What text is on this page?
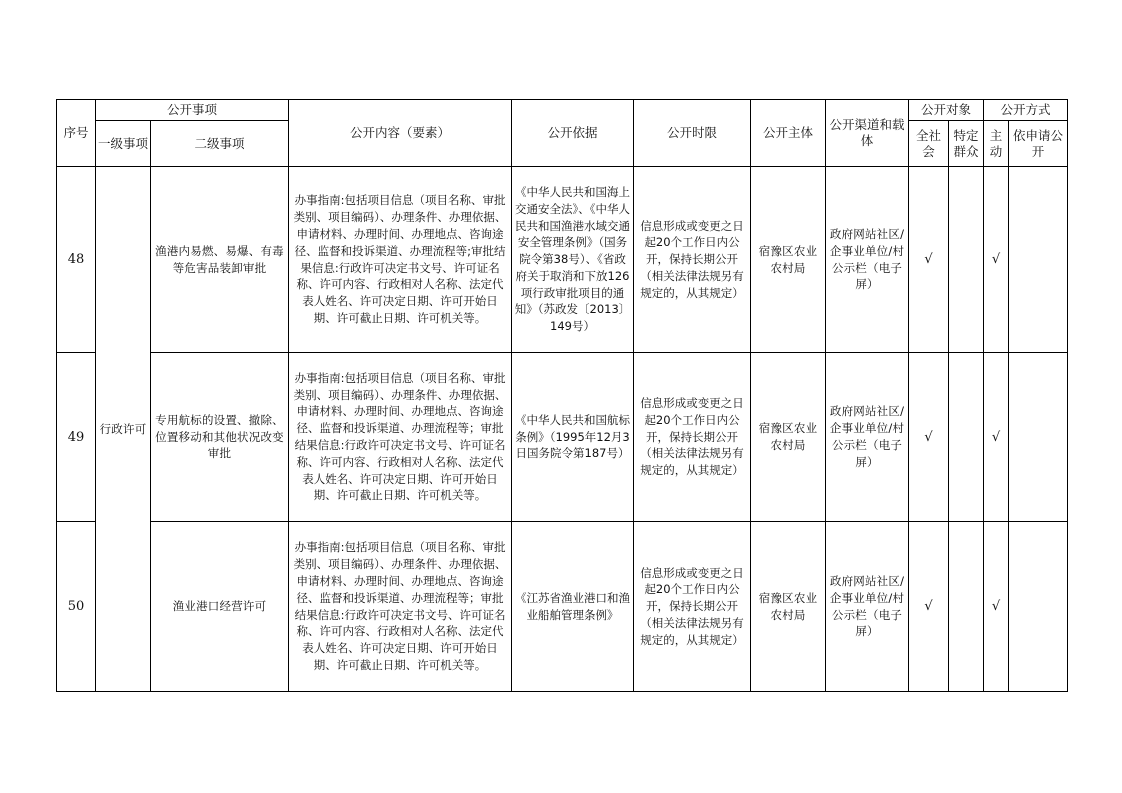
序号	公开事项		公开内容（要素）	公开依据	公开时限	公开主体	公开渠道和载体	公开对象		公开方式	
	一级事项	二级事项						全社会	特定群众	主动	依申请公开
48	行政许可	渔港内易燃、易爆、有毒等危害品装卸审批	办事指南:包括项目信息（项目名称、审批类别、项目编码）、办理条件、办理依据、申请材料、办理时间、办理地点、咨询途径、监督和投诉渠道、办理流程等;审批结果信息:行政许可决定书文号、许可证名称、许可内容、行政相对人名称、法定代表人姓名、许可决定日期、许可开始日期、许可截止日期、许可机关等。	《中华人民共和国海上交通安全法》、《中华人民共和国渔港水域交通安全管理条例》（国务院令第38号）、《省政府关于取消和下放126项行政审批项目的通知》（苏政发〔2013〕149号）	信息形成或变更之日起20个工作日内公开，保持长期公开（相关法律法规另有规定的，从其规定）	宿豫区农业农村局	政府网站社区/企事业单位/村公示栏（电子屏）	√		√	
49		专用航标的设置、撤除、位置移动和其他状况改变审批	办事指南:包括项目信息（项目名称、审批类别、项目编码）、办理条件、办理依据、申请材料、办理时间、办理地点、咨询途径、监督和投诉渠道、办理流程等；审批结果信息:行政许可决定书文号、许可证名称、许可内容、行政相对人名称、法定代表人姓名、许可决定日期、许可开始日期、许可截止日期、许可机关等。	《中华人民共和国航标条例》（1995年12月3日国务院令第187号）	信息形成或变更之日起20个工作日内公开，保持长期公开（相关法律法规另有规定的，从其规定）	宿豫区农业农村局	政府网站社区/企事业单位/村公示栏（电子屏）	√		√	
50		渔业港口经营许可	办事指南:包括项目信息（项目名称、审批类别、项目编码）、办理条件、办理依据、申请材料、办理时间、办理地点、咨询途径、监督和投诉渠道、办理流程等；审批结果信息:行政许可决定书文号、许可证名称、许可内容、行政相对人名称、法定代表人姓名、许可决定日期、许可开始日期、许可截止日期、许可机关等。	《江苏省渔业港口和渔业船舶管理条例》	信息形成或变更之日起20个工作日内公开，保持长期公开（相关法律法规另有规定的，从其规定）	宿豫区农业农村局	政府网站社区/企事业单位/村公示栏（电子屏）	√		√	
